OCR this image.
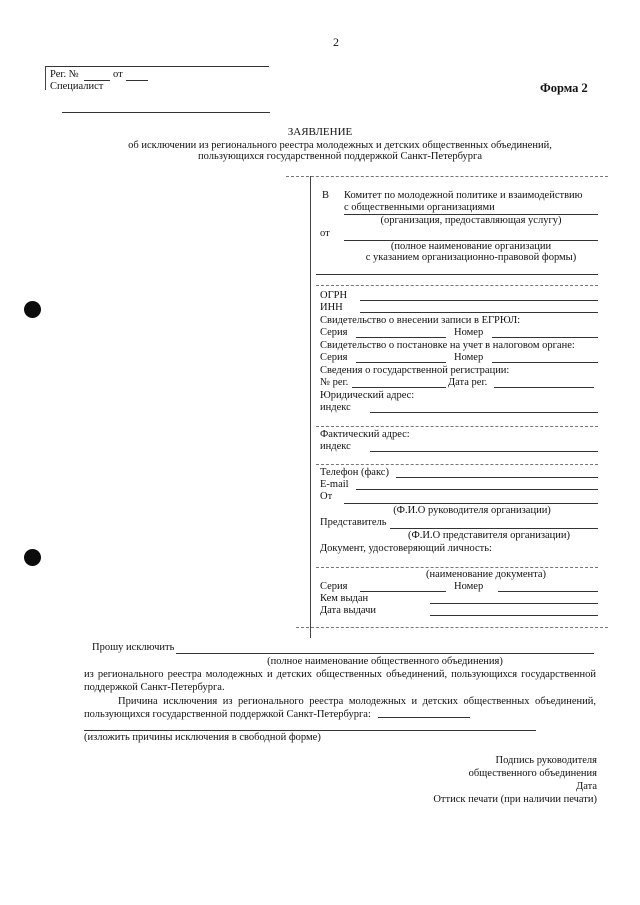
2
Рег. №	от
Специалист	Форма 2
ЗАЯВЛЕНИЕ
об исключении из регионального реестра молодежных и детских общественных объединений,
пользующихся государственной поддержкой Санкт-Петербурга
В Комитет по молодежной политике и взаимодействию
с общественными организациями
(организация, предоставляющая услугу)
от
(полное наименование организации
с указанием организационно-правовой формы)
ОГРН
ИНН
Свидетельство о внесении записи в ЕГРЮЛ:
Серия	Номер
Свидетельство о постановке на учет в налоговом органе:
Серия	Номер
Сведения о государственной регистрации:
№ рег.	Дата рег.
Юридический адрес:
индекс
Фактический адрес:
индекс
Телефон (факс)
E-mail
От
(Ф.И.О руководителя организации)
Представитель
(Ф.И.О представителя организации)
Документ, удостоверяющий личность:
(наименование документа)
Серия	Номер
Кем выдан
Дата выдачи
Прошу исключить
(полное наименование общественного объединения)
из регионального реестра молодежных и детских общественных объединений, пользующихся государственной поддержкой Санкт-Петербурга.
Причина исключения из регионального реестра молодежных и детских общественных объединений, пользующихся государственной поддержкой Санкт-Петербурга:
(изложить причины исключения в свободной форме)
Подпись руководителя
общественного объединения
Дата
Оттиск печати (при наличии печати)
